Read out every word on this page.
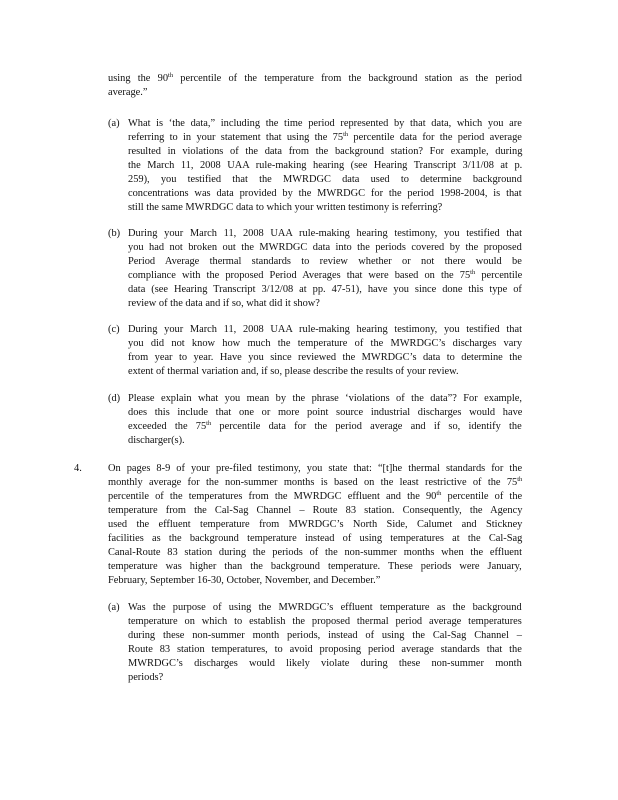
using the 90th percentile of the temperature from the background station as the period
average.”
(a) What is ‘the data,” including the time period represented by that data, which you are
referring to in your statement that using the 75th percentile data for the period average
resulted in violations of the data from the background station? For example, during
the March 11, 2008 UAA rule-making hearing (see Hearing Transcript 3/11/08 at p.
259), you testified that the MWRDGC data used to determine background
concentrations was data provided by the MWRDGC for the period 1998-2004, is that
still the same MWRDGC data to which your written testimony is referring?
(b) During your March 11, 2008 UAA rule-making hearing testimony, you testified that
you had not broken out the MWRDGC data into the periods covered by the proposed
Period Average thermal standards to review whether or not there would be
compliance with the proposed Period Averages that were based on the 75th percentile
data (see Hearing Transcript 3/12/08 at pp. 47-51), have you since done this type of
review of the data and if so, what did it show?
(c) During your March 11, 2008 UAA rule-making hearing testimony, you testified that
you did not know how much the temperature of the MWRDGC’s discharges vary
from year to year. Have you since reviewed the MWRDGC’s data to determine the
extent of thermal variation and, if so, please describe the results of your review.
(d) Please explain what you mean by the phrase ‘violations of the data”? For example,
does this include that one or more point source industrial discharges would have
exceeded the 75th percentile data for the period average and if so, identify the
discharger(s).
4.	On pages 8-9 of your pre-filed testimony, you state that: “[t]he thermal standards for the
monthly average for the non-summer months is based on the least restrictive of the 75th
percentile of the temperatures from the MWRDGC effluent and the 90th percentile of the
temperature from the Cal-Sag Channel – Route 83 station. Consequently, the Agency
used the effluent temperature from MWRDGC’s North Side, Calumet and Stickney
facilities as the background temperature instead of using temperatures at the Cal-Sag
Canal-Route 83 station during the periods of the non-summer months when the effluent
temperature was higher than the background temperature. These periods were January,
February, September 16-30, October, November, and December.”
(a) Was the purpose of using the MWRDGC’s effluent temperature as the background
temperature on which to establish the proposed thermal period average temperatures
during these non-summer month periods, instead of using the Cal-Sag Channel –
Route 83 station temperatures, to avoid proposing period average standards that the
MWRDGC’s discharges would likely violate during these non-summer month
periods?
